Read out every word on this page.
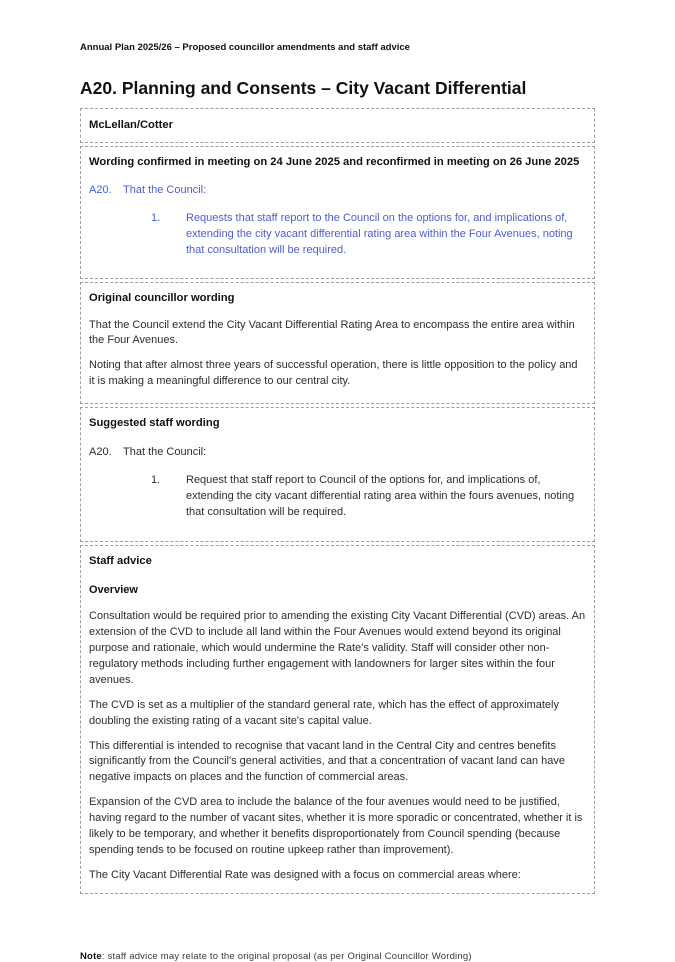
Annual Plan 2025/26 – Proposed councillor amendments and staff advice
A20. Planning and Consents – City Vacant Differential
McLellan/Cotter
Wording confirmed in meeting on 24 June 2025 and reconfirmed in meeting on 26 June 2025
A20.	That the Council:
1.	Requests that staff report to the Council on the options for, and implications of, extending the city vacant differential rating area within the Four Avenues, noting that consultation will be required.
Original councillor wording

That the Council extend the City Vacant Differential Rating Area to encompass the entire area within the Four Avenues.

Noting that after almost three years of successful operation, there is little opposition to the policy and it is making a meaningful difference to our central city.

Suggested staff wording
A20.	That the Council:
1.	Request that staff report to Council of the options for, and implications of, extending the city vacant differential rating area within the fours avenues, noting that consultation will be required.
Staff advice
Overview

Consultation would be required prior to amending the existing City Vacant Differential (CVD) areas. An extension of the CVD to include all land within the Four Avenues would extend beyond its original purpose and rationale, which would undermine the Rate’s validity. Staff will consider other non-regulatory methods including further engagement with landowners for larger sites within the four avenues.

The CVD is set as a multiplier of the standard general rate, which has the effect of approximately doubling the existing rating of a vacant site's capital value.

This differential is intended to recognise that vacant land in the Central City and centres benefits significantly from the Council's general activities, and that a concentration of vacant land can have negative impacts on places and the function of commercial areas.

Expansion of the CVD area to include the balance of the four avenues would need to be justified, having regard to the number of vacant sites, whether it is more sporadic or concentrated, whether it is likely to be temporary, and whether it benefits disproportionately from Council spending (because spending tends to be focused on routine upkeep rather than improvement).

The City Vacant Differential Rate was designed with a focus on commercial areas where:

Note: staff advice may relate to the original proposal (as per Original Councillor Wording)
